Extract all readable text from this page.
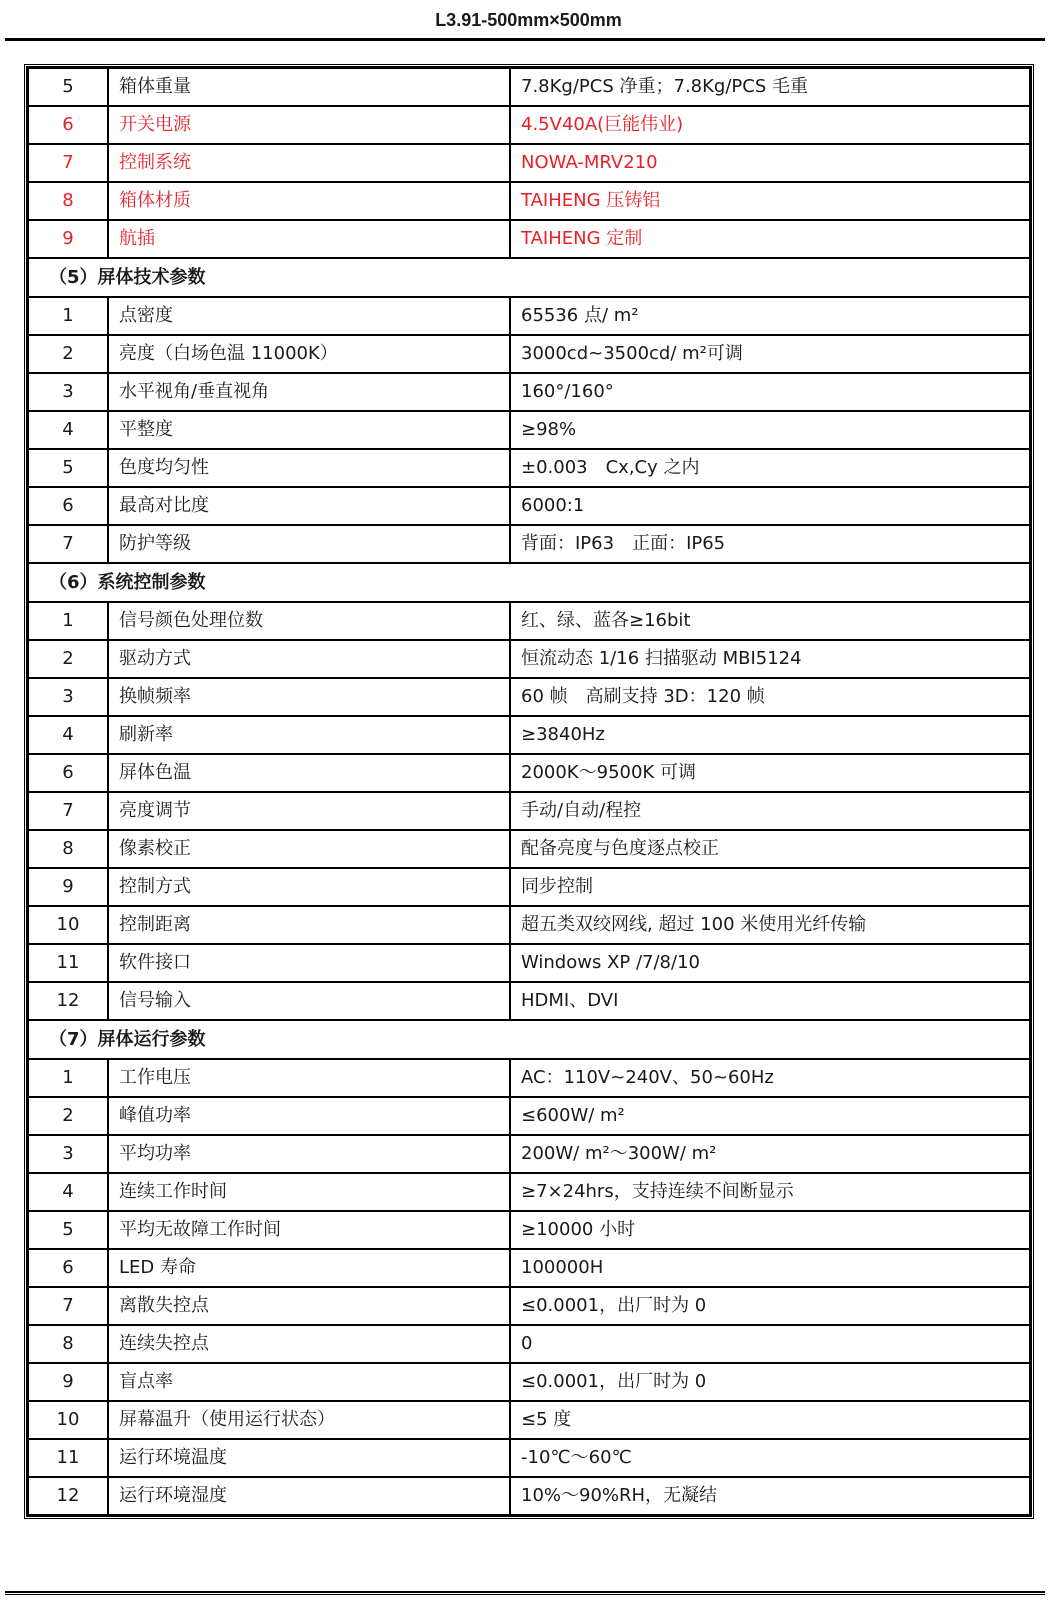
L3.91-500mm×500mm
5	箱体重量	7.8Kg/PCS 净重；7.8Kg/PCS 毛重
6	开关电源	4.5V40A(巨能伟业)
7	控制系统	NOWA-MRV210
8	箱体材质	TAIHENG 压铸铝
9	航插	TAIHENG 定制
（5）屏体技术参数		
1	点密度	65536 点/ m²
2	亮度（白场色温 11000K）	3000cd~3500cd/ m²可调
3	水平视角/垂直视角	160°/160°
4	平整度	≥98%
5	色度均匀性	±0.003　Cx,Cy 之内
6	最高对比度	6000:1
7	防护等级	背面：IP63　正面：IP65
（6）系统控制参数		
1	信号颜色处理位数	红、绿、蓝各≥16bit
2	驱动方式	恒流动态 1/16 扫描驱动 MBI5124
3	换帧频率	60 帧　高刷支持 3D：120 帧
4	刷新率	≥3840Hz
6	屏体色温	2000K～9500K 可调
7	亮度调节	手动/自动/程控
8	像素校正	配备亮度与色度逐点校正
9	控制方式	同步控制
10	控制距离	超五类双绞网线, 超过 100 米使用光纤传输
11	软件接口	Windows XP /7/8/10
12	信号输入	HDMI、DVI
（7）屏体运行参数		
1	工作电压	AC：110V~240V、50~60Hz
2	峰值功率	≤600W/ m²
3	平均功率	200W/ m²～300W/ m²
4	连续工作时间	≥7×24hrs，支持连续不间断显示
5	平均无故障工作时间	≥10000 小时
6	LED 寿命	100000H
7	离散失控点	≤0.0001，出厂时为 0
8	连续失控点	0
9	盲点率	≤0.0001，出厂时为 0
10	屏幕温升（使用运行状态）	≤5 度
11	运行环境温度	-10℃～60℃
12	运行环境湿度	10%～90%RH，无凝结
